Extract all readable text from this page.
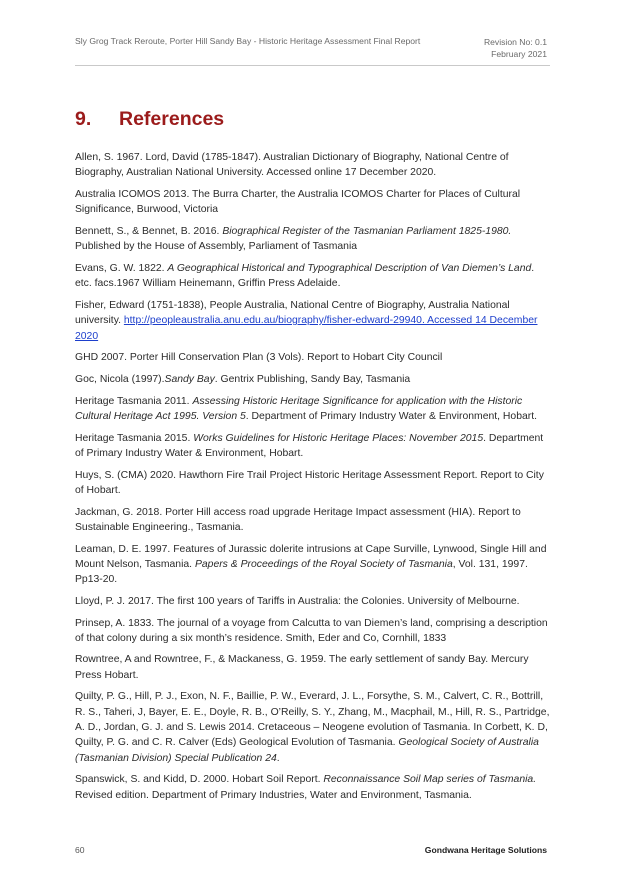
Sly Grog Track Reroute, Porter Hill Sandy Bay - Historic Heritage Assessment Final Report	Revision No: 0.1
February 2021
9. References

Allen, S. 1967. Lord, David (1785-1847). Australian Dictionary of Biography, National Centre of Biography, Australian National University. Accessed online 17 December 2020.

Australia ICOMOS 2013. The Burra Charter, the Australia ICOMOS Charter for Places of Cultural Significance, Burwood, Victoria

Bennett, S., & Bennet, B. 2016. Biographical Register of the Tasmanian Parliament 1825-1980. Published by the House of Assembly, Parliament of Tasmania

Evans, G. W. 1822. A Geographical Historical and Typographical Description of Van Diemen’s Land. etc. facs.1967 William Heinemann, Griffin Press Adelaide.

Fisher, Edward (1751-1838), People Australia, National Centre of Biography, Australia National university. http://peopleaustralia.anu.edu.au/biography/fisher-edward-29940. Accessed 14 December 2020

GHD 2007. Porter Hill Conservation Plan (3 Vols). Report to Hobart City Council

Goc, Nicola (1997).Sandy Bay. Gentrix Publishing, Sandy Bay, Tasmania

Heritage Tasmania 2011. Assessing Historic Heritage Significance for application with the Historic Cultural Heritage Act 1995. Version 5. Department of Primary Industry Water & Environment, Hobart.

Heritage Tasmania 2015. Works Guidelines for Historic Heritage Places: November 2015. Department of Primary Industry Water & Environment, Hobart.

Huys, S. (CMA) 2020. Hawthorn Fire Trail Project Historic Heritage Assessment Report. Report to City of Hobart.

Jackman, G. 2018. Porter Hill access road upgrade Heritage Impact assessment (HIA). Report to Sustainable Engineering., Tasmania.

Leaman, D. E. 1997. Features of Jurassic dolerite intrusions at Cape Surville, Lynwood, Single Hill and Mount Nelson, Tasmania. Papers & Proceedings of the Royal Society of Tasmania, Vol. 131, 1997. Pp13-20.

Lloyd, P. J. 2017. The first 100 years of Tariffs in Australia: the Colonies. University of Melbourne.

Prinsep, A. 1833. The journal of a voyage from Calcutta to van Diemen’s land, comprising a description of that colony during a six month’s residence. Smith, Eder and Co, Cornhill, 1833

Rowntree, A and Rowntree, F., & Mackaness, G. 1959. The early settlement of sandy Bay. Mercury Press Hobart.

Quilty, P. G., Hill, P. J., Exon, N. F., Baillie, P. W., Everard, J. L., Forsythe, S. M., Calvert, C. R., Bottrill, R. S., Taheri, J, Bayer, E. E., Doyle, R. B., O’Reilly, S. Y., Zhang, M., Macphail, M., Hill, R. S., Partridge, A. D., Jordan, G. J. and S. Lewis 2014. Cretaceous – Neogene evolution of Tasmania. In Corbett, K. D, Quilty, P. G. and C. R. Calver (Eds) Geological Evolution of Tasmania. Geological Society of Australia (Tasmanian Division) Special Publication 24.

Spanswick, S. and Kidd, D. 2000. Hobart Soil Report. Reconnaissance Soil Map series of Tasmania. Revised edition. Department of Primary Industries, Water and Environment, Tasmania.

60	Gondwana Heritage Solutions
